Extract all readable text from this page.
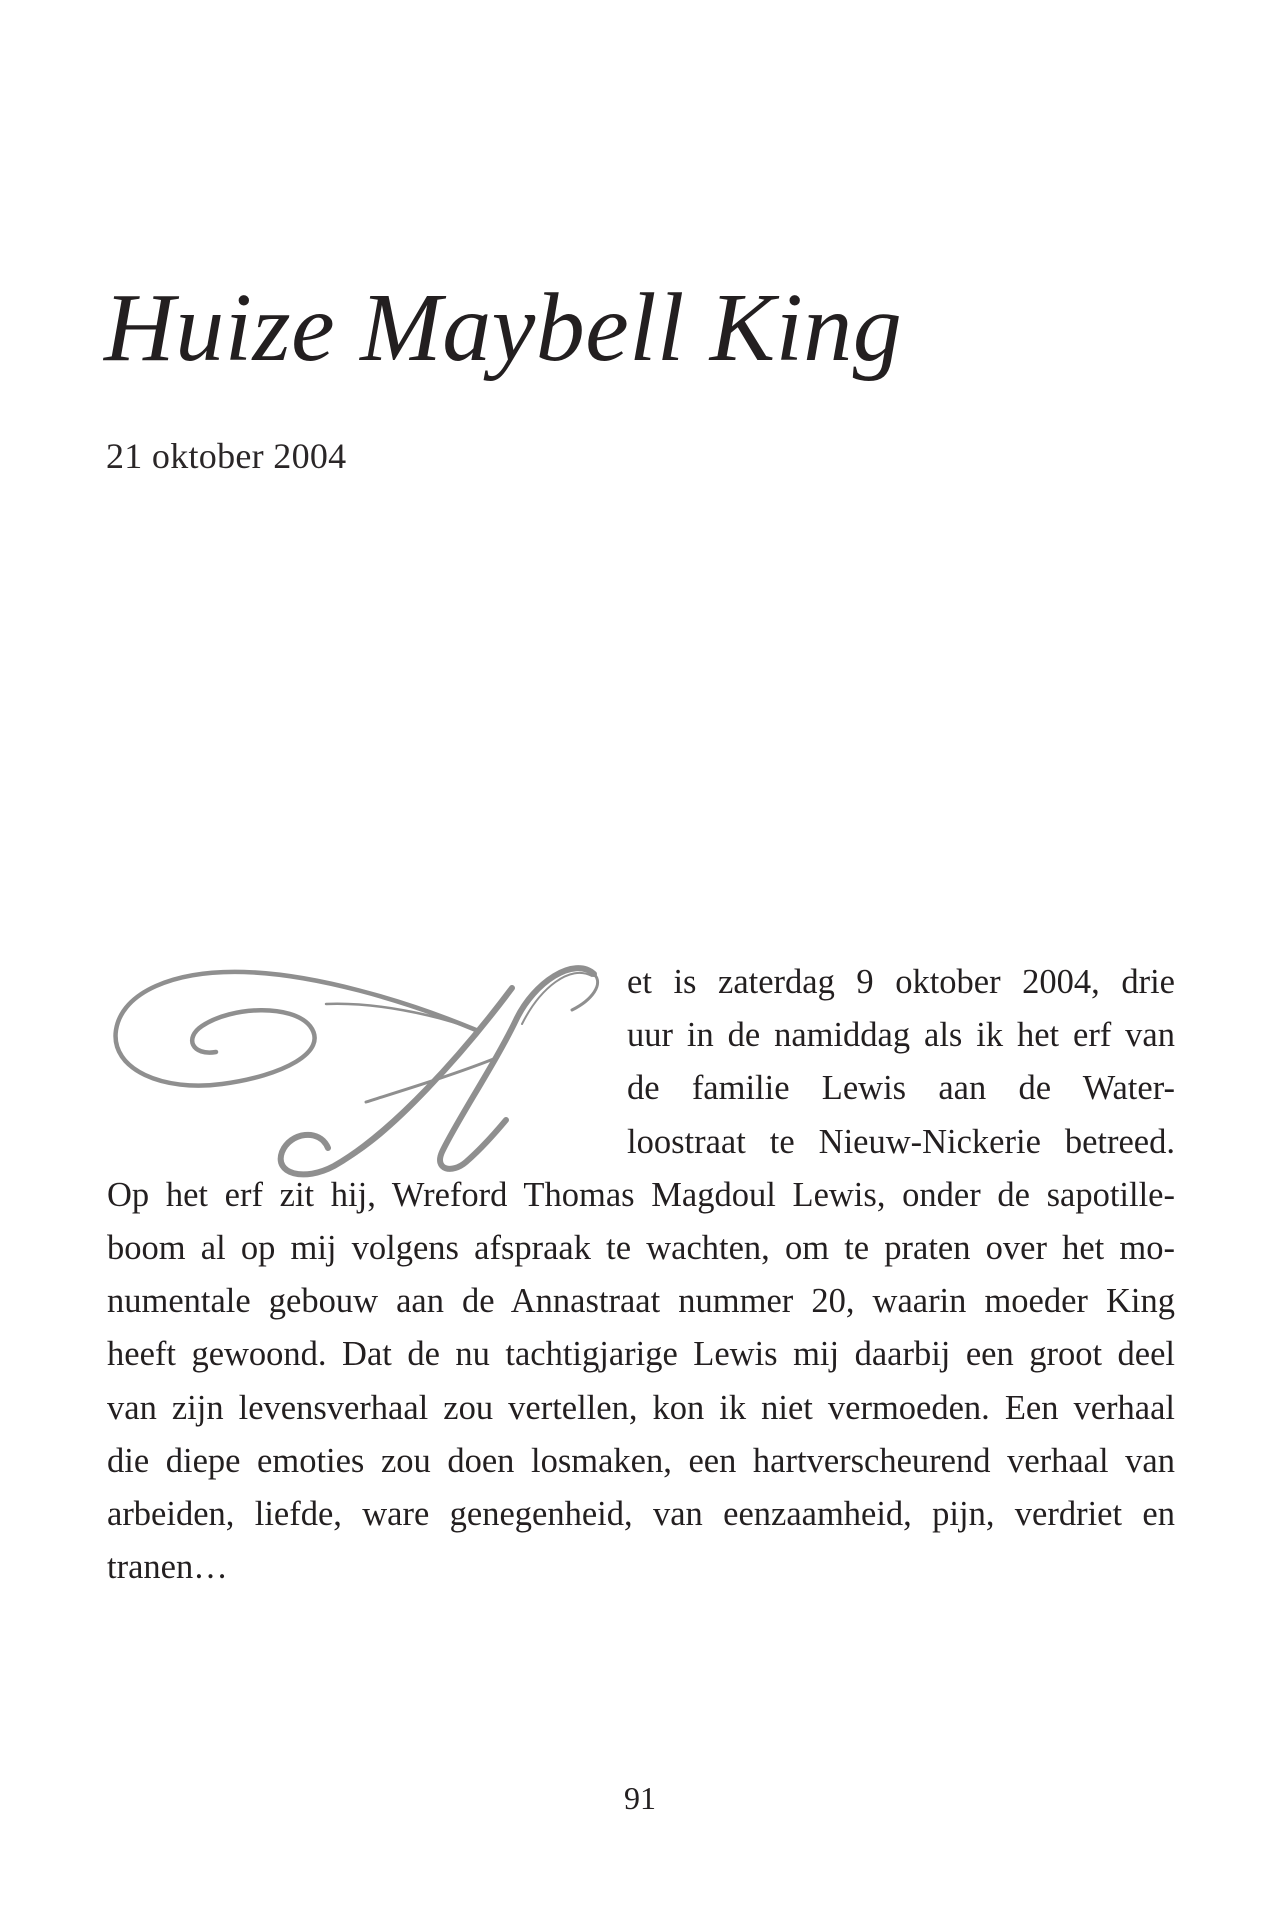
Huize Maybell King
21 oktober 2004
et is zaterdag 9 oktober 2004, drie
uur in de namiddag als ik het erf van
de familie Lewis aan de Water-
loostraat te Nieuw-Nickerie betreed.
Op het erf zit hij, Wreford Thomas Magdoul Lewis, onder de sapotille-
boom al op mij volgens afspraak te wachten, om te praten over het mo-
numentale gebouw aan de Annastraat nummer 20, waarin moeder King
heeft gewoond. Dat de nu tachtigjarige Lewis mij daarbij een groot deel
van zijn levensverhaal zou vertellen, kon ik niet vermoeden. Een verhaal
die diepe emoties zou doen losmaken, een hartverscheurend verhaal van
arbeiden, liefde, ware genegenheid, van eenzaamheid, pijn, verdriet en
tranen…
91
